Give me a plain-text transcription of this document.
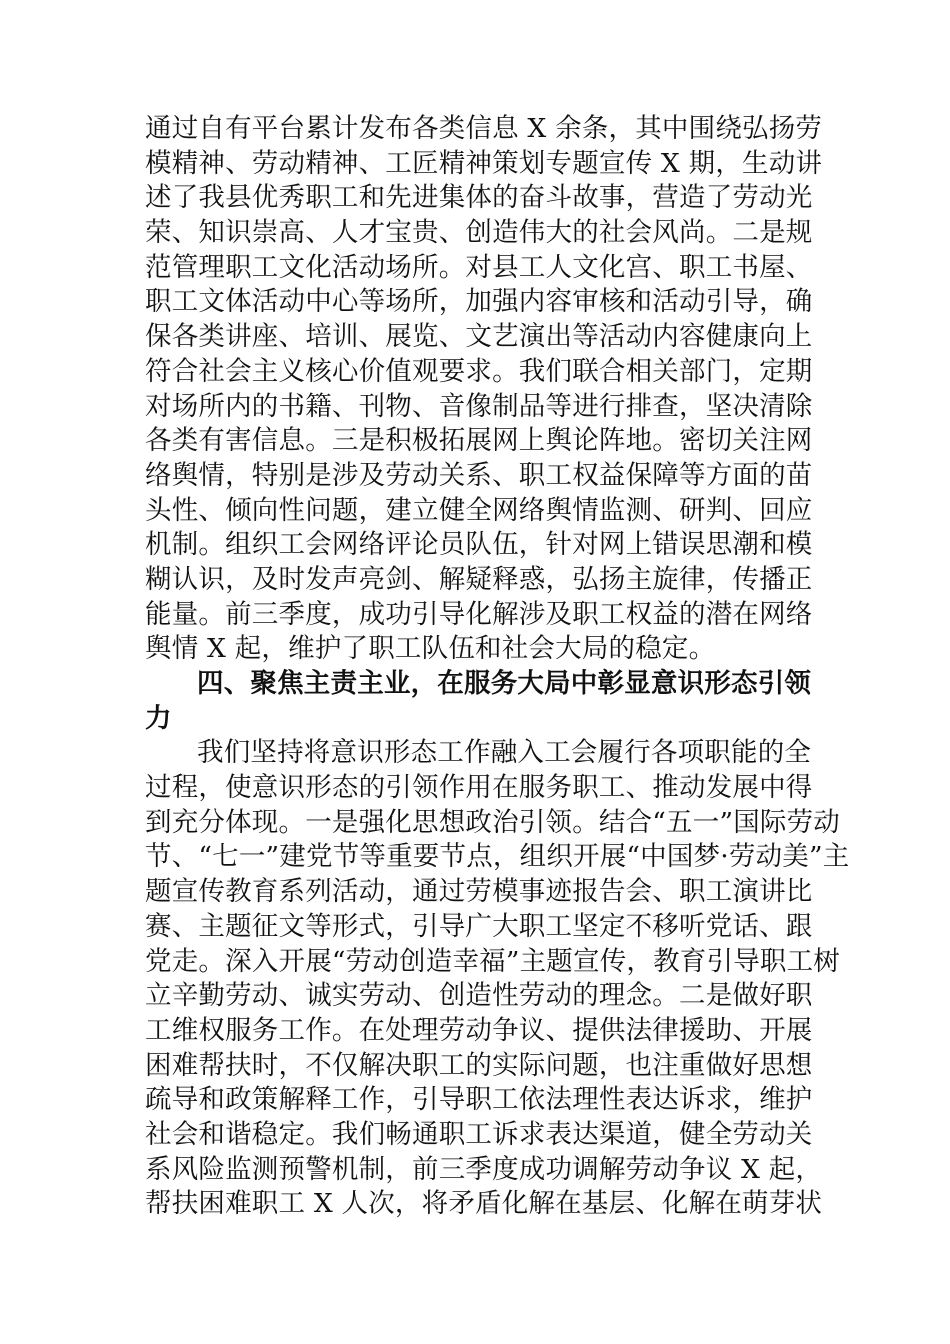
通过自有平台累计发布各类信息 X 余条，其中围绕弘扬劳
模精神、劳动精神、工匠精神策划专题宣传 X 期，生动讲
述了我县优秀职工和先进集体的奋斗故事，营造了劳动光
荣、知识崇高、人才宝贵、创造伟大的社会风尚。二是规
范管理职工文化活动场所。对县工人文化宫、职工书屋、
职工文体活动中心等场所，加强内容审核和活动引导，确
保各类讲座、培训、展览、文艺演出等活动内容健康向上
符合社会主义核心价值观要求。我们联合相关部门，定期
对场所内的书籍、刊物、音像制品等进行排查，坚决清除
各类有害信息。三是积极拓展网上舆论阵地。密切关注网
络舆情，特别是涉及劳动关系、职工权益保障等方面的苗
头性、倾向性问题，建立健全网络舆情监测、研判、回应
机制。组织工会网络评论员队伍，针对网上错误思潮和模
糊认识，及时发声亮剑、解疑释惑，弘扬主旋律，传播正
能量。前三季度，成功引导化解涉及职工权益的潜在网络
舆情 X 起，维护了职工队伍和社会大局的稳定。
四、聚焦主责主业，在服务大局中彰显意识形态引领
力
我们坚持将意识形态工作融入工会履行各项职能的全
过程，使意识形态的引领作用在服务职工、推动发展中得
到充分体现。一是强化思想政治引领。结合“五一”国际劳动
节、“七一”建党节等重要节点，组织开展“中国梦·劳动美”主
题宣传教育系列活动，通过劳模事迹报告会、职工演讲比
赛、主题征文等形式，引导广大职工坚定不移听党话、跟
党走。深入开展“劳动创造幸福”主题宣传，教育引导职工树
立辛勤劳动、诚实劳动、创造性劳动的理念。二是做好职
工维权服务工作。在处理劳动争议、提供法律援助、开展
困难帮扶时，不仅解决职工的实际问题，也注重做好思想
疏导和政策解释工作，引导职工依法理性表达诉求，维护
社会和谐稳定。我们畅通职工诉求表达渠道，健全劳动关
系风险监测预警机制，前三季度成功调解劳动争议 X 起，
帮扶困难职工 X 人次，将矛盾化解在基层、化解在萌芽状
